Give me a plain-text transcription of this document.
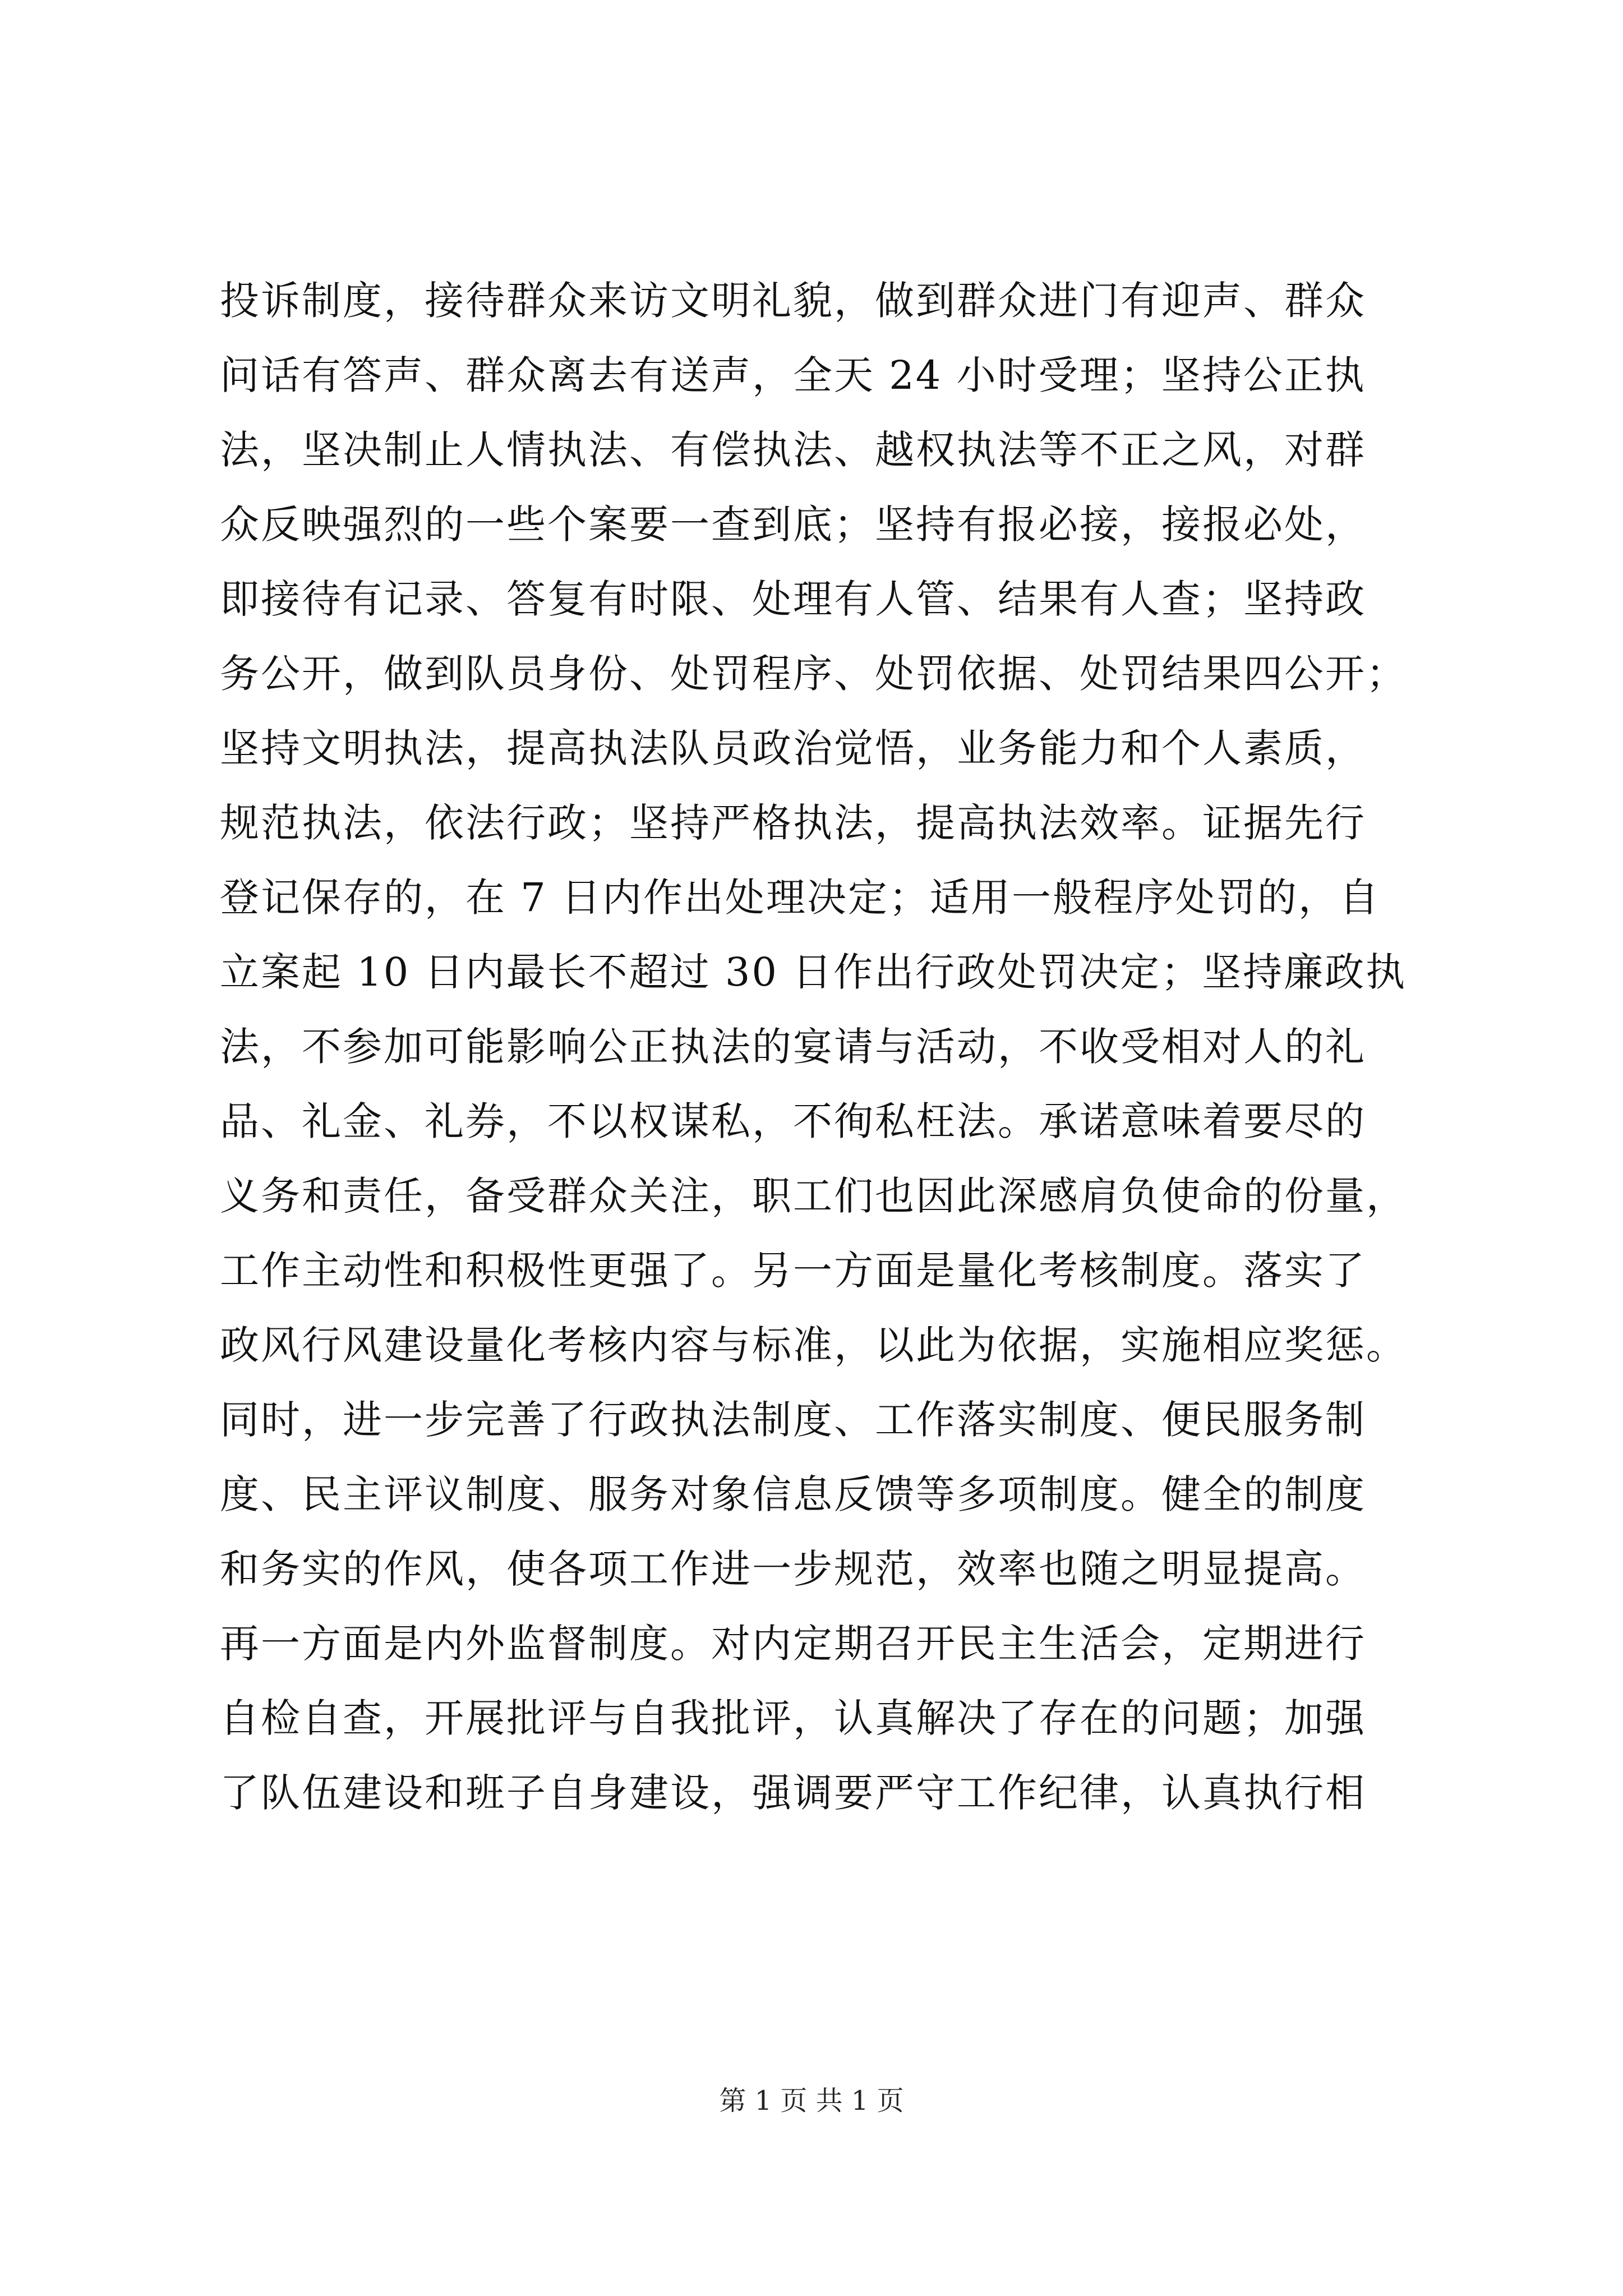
投诉制度，接待群众来访文明礼貌，做到群众进门有迎声、群众
问话有答声、群众离去有送声，全天 24 小时受理；坚持公正执
法，坚决制止人情执法、有偿执法、越权执法等不正之风，对群
众反映强烈的一些个案要一查到底；坚持有报必接，接报必处，
即接待有记录、答复有时限、处理有人管、结果有人查；坚持政
务公开，做到队员身份、处罚程序、处罚依据、处罚结果四公开；
坚持文明执法，提高执法队员政治觉悟，业务能力和个人素质，
规范执法，依法行政；坚持严格执法，提高执法效率。证据先行
登记保存的，在 7 日内作出处理决定；适用一般程序处罚的，自
立案起 10 日内最长不超过 30 日作出行政处罚决定；坚持廉政执
法，不参加可能影响公正执法的宴请与活动，不收受相对人的礼
品、礼金、礼券，不以权谋私，不徇私枉法。承诺意味着要尽的
义务和责任，备受群众关注，职工们也因此深感肩负使命的份量，
工作主动性和积极性更强了。另一方面是量化考核制度。落实了
政风行风建设量化考核内容与标准，以此为依据，实施相应奖惩。
同时，进一步完善了行政执法制度、工作落实制度、便民服务制
度、民主评议制度、服务对象信息反馈等多项制度。健全的制度
和务实的作风，使各项工作进一步规范，效率也随之明显提高。
再一方面是内外监督制度。对内定期召开民主生活会，定期进行
自检自查，开展批评与自我批评，认真解决了存在的问题；加强
了队伍建设和班子自身建设，强调要严守工作纪律，认真执行相
第 1 页 共 1 页
